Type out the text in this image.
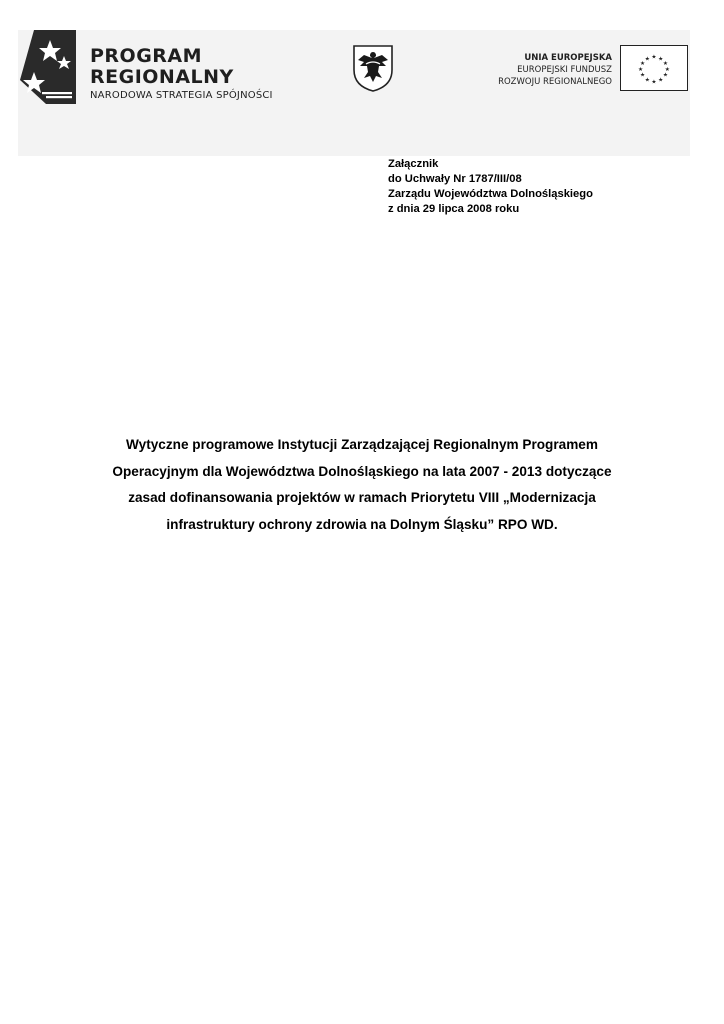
PROGRAM
REGIONALNY
NARODOWA STRATEGIA SPÓJNOŚCI
UNIA EUROPEJSKA
EUROPEJSKI FUNDUSZ
ROZWOJU REGIONALNEGO
★ ★
★
★
★
★
★
★
★
★
★
★
Załącznik
do Uchwały Nr 1787/III/08
Zarządu Województwa Dolnośląskiego
z dnia 29 lipca 2008 roku
Wytyczne programowe Instytucji Zarządzającej Regionalnym Programem
Operacyjnym dla Województwa Dolnośląskiego na lata 2007 - 2013 dotyczące
zasad dofinansowania projektów w ramach Priorytetu VIII „Modernizacja
infrastruktury ochrony zdrowia na Dolnym Śląsku” RPO WD.
